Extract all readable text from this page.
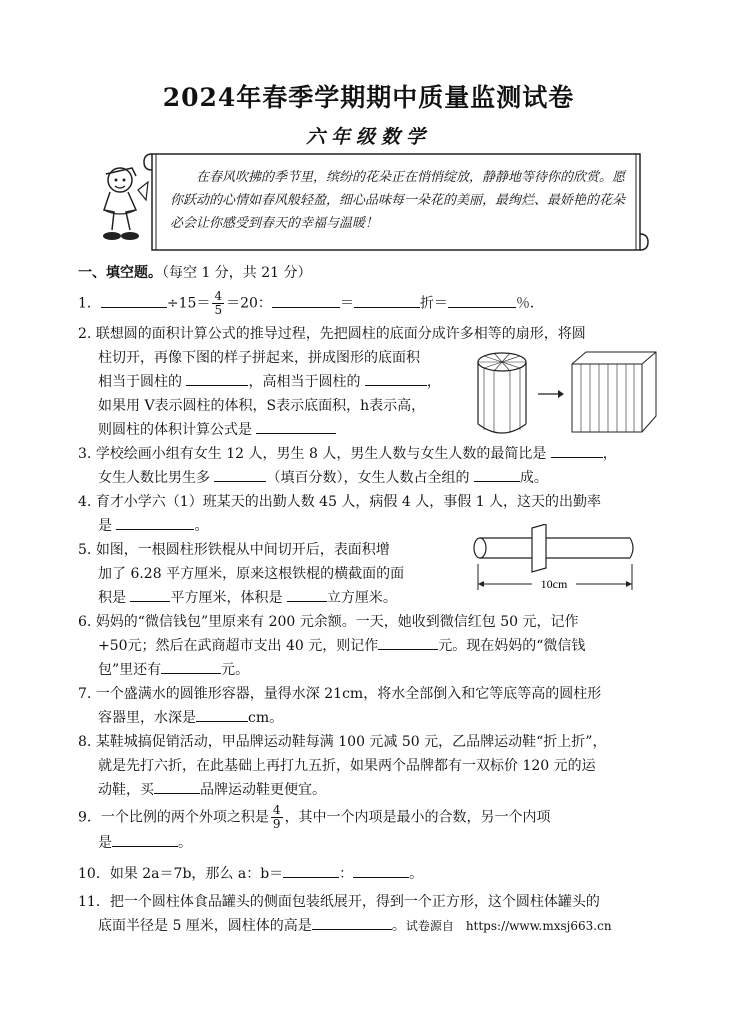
2024年春季学期期中质量监测试卷
六年级数学
在春风吹拂的季节里，缤纷的花朵正在悄悄绽放，静静地等待你的欣赏。愿你跃动的心情如春风般轻盈，细心品味每一朵花的美丽，最绚烂、最娇艳的花朵必会让你感受到春天的幸福与温暖！
一、填空题。（每空 1 分，共 21 分）
1．	$\div 15= \frac{4}{5} =20$：	＝	折＝	％．
2. 联想圆的面积计算公式的推导过程，先把圆柱的底面分成许多相等的扇形，将圆
柱切开，再像下图的样子拼起来，拼成图形的底面积
相当于圆柱的	，高相当于圆柱的	，
如果用 V表示圆柱的体积，S表示底面积，h表示高，
则圆柱的体积计算公式是
3. 学校绘画小组有女生 12 人，男生 8 人，男生人数与女生人数的最简比是	，
女生人数比男生多	（填百分数），女生人数占全组的	成。
4. 育才小学六（1）班某天的出勤人数 45 人，病假 4 人，事假 1 人，这天的出勤率
是	。
5. 如图，一根圆柱形铁棍从中间切开后，表面积增
加了 6.28 平方厘米，原来这根铁棍的横截面的面
积是	平方厘米，体积是	立方厘米。
10cm
6. 妈妈的“微信钱包”里原来有 200 元余额。一天，她收到微信红包 50 元，记作
+50元；然后在武商超市支出 40 元，则记作	元。现在妈妈的“微信钱
包”里还有	元。
7. 一个盛满水的圆锥形容器，量得水深 21cm，将水全部倒入和它等底等高的圆柱形
容器里，水深是	cm。
8. 某鞋城搞促销活动，甲品牌运动鞋每满 100 元减 50 元，乙品牌运动鞋“折上折”，
就是先打六折，在此基础上再打九五折，如果两个品牌都有一双标价 120 元的运
动鞋，买	品牌运动鞋更便宜。
9．一个比例的两个外项之积是 $\frac{4}{9}$ ，其中一个内项是最小的合数，另一个内项
是	。
10．如果 2a＝7b，那么 a：b＝	：	。
11．把一个圆柱体食品罐头的侧面包装纸展开，得到一个正方形，这个圆柱体罐头的
底面半径是 5 厘米，圆柱体的高是	。试卷源自　https://www.mxsj663.cn
